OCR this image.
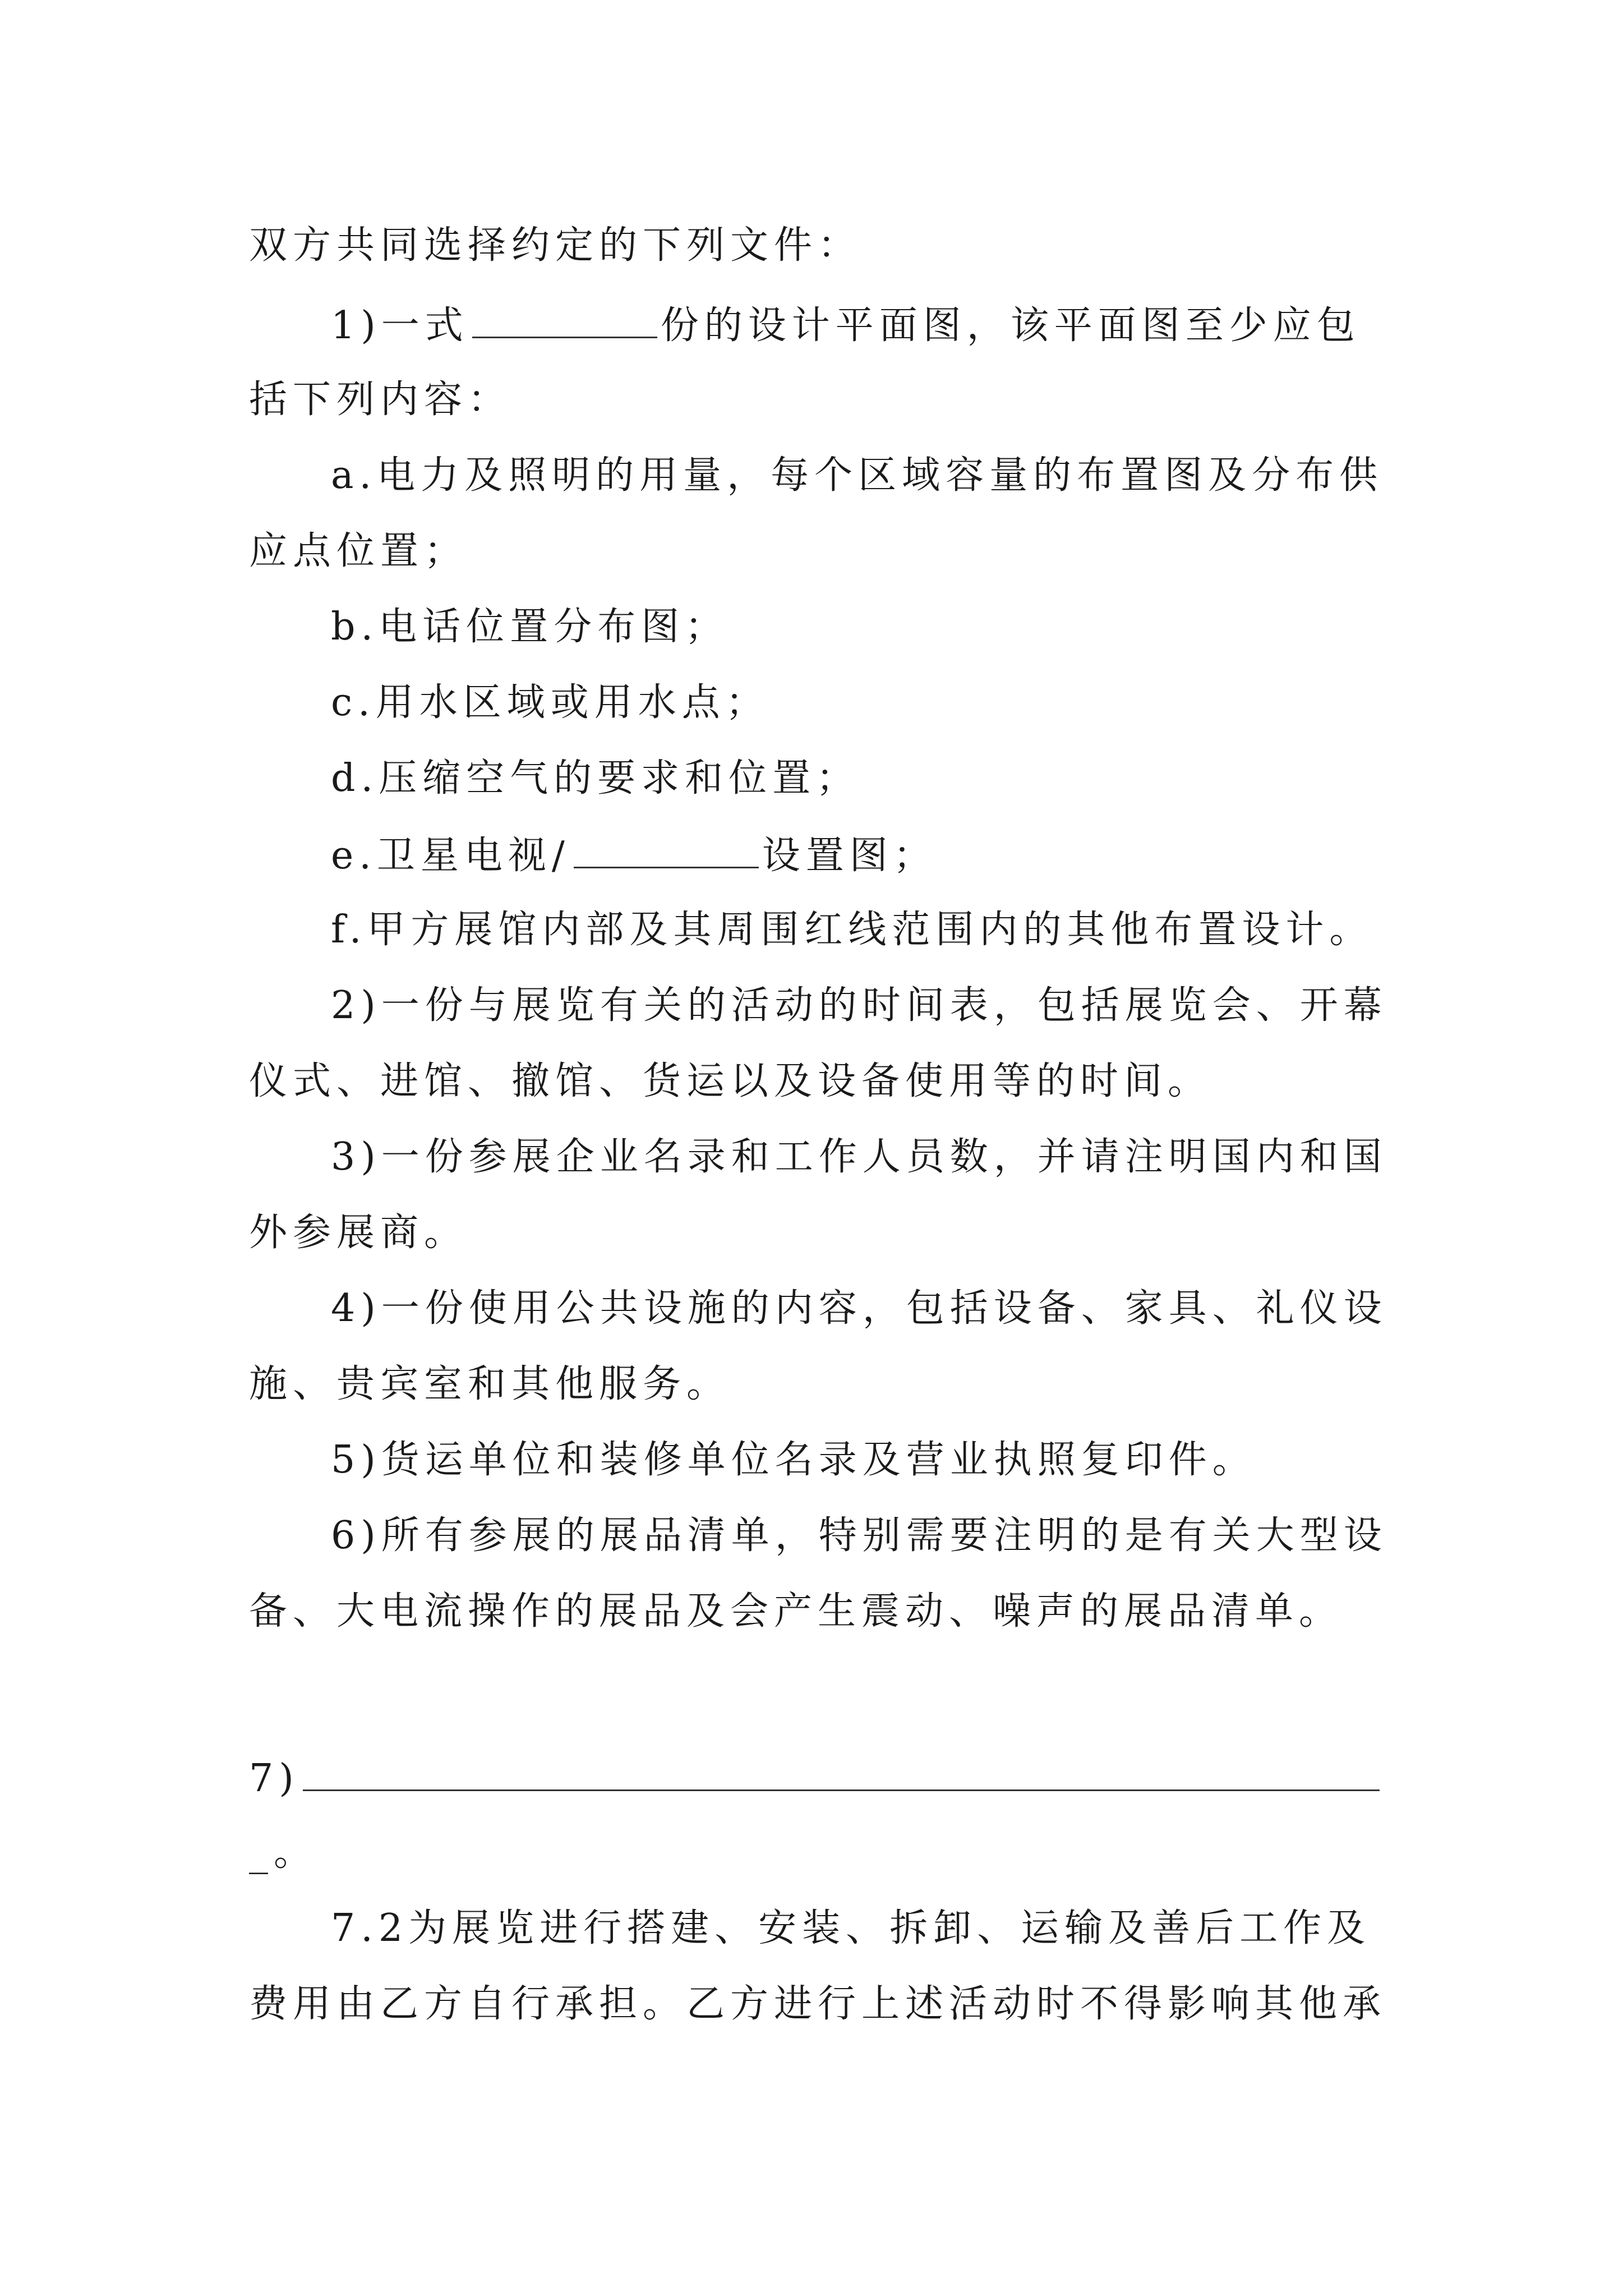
双方共同选择约定的下列文件：
1)一式	份的设计平面图，该平面图至少应包
括下列内容：
a.电力及照明的用量，每个区域容量的布置图及分布供
应点位置；
b.电话位置分布图；
c.用水区域或用水点；
d.压缩空气的要求和位置；
e.卫星电视/	设置图；
f.甲方展馆内部及其周围红线范围内的其他布置设计。
2)一份与展览有关的活动的时间表，包括展览会、开幕
仪式、进馆、撤馆、货运以及设备使用等的时间。
3)一份参展企业名录和工作人员数，并请注明国内和国
外参展商。
4)一份使用公共设施的内容，包括设备、家具、礼仪设
施、贵宾室和其他服务。
5)货运单位和装修单位名录及营业执照复印件。
6)所有参展的展品清单，特别需要注明的是有关大型设
备、大电流操作的展品及会产生震动、噪声的展品清单。
7)
_。
7.2为展览进行搭建、安装、拆卸、运输及善后工作及
费用由乙方自行承担。乙方进行上述活动时不得影响其他承
